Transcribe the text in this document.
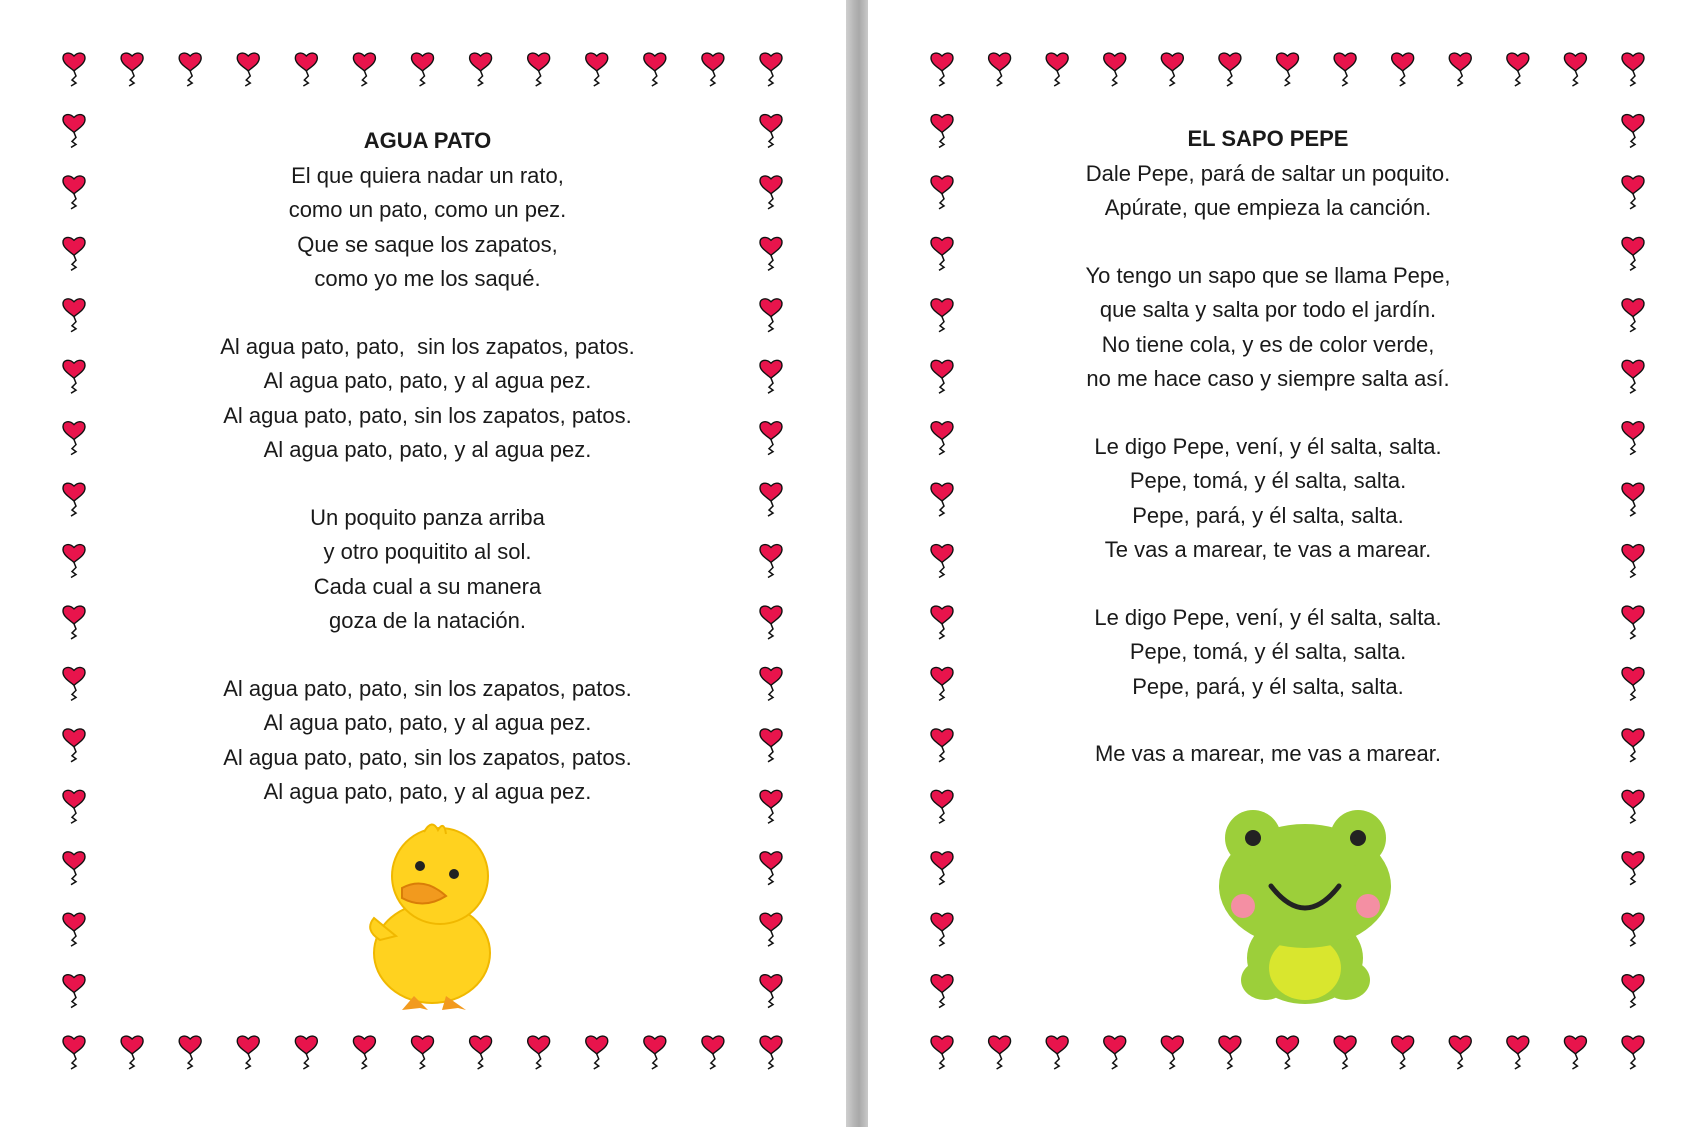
AGUA PATO
El que quiera nadar un rato,
como un pato, como un pez.
Que se saque los zapatos,
como yo me los saqué.
Al agua pato, pato,  sin los zapatos, patos.
Al agua pato, pato, y al agua pez.
Al agua pato, pato, sin los zapatos, patos.
Al agua pato, pato, y al agua pez.
Un poquito panza arriba
y otro poquitito al sol.
Cada cual a su manera
goza de la natación.
Al agua pato, pato, sin los zapatos, patos.
Al agua pato, pato, y al agua pez.
Al agua pato, pato, sin los zapatos, patos.
Al agua pato, pato, y al agua pez.
EL SAPO PEPE
Dale Pepe, pará de saltar un poquito.
Apúrate, que empieza la canción.
Yo tengo un sapo que se llama Pepe,
que salta y salta por todo el jardín.
No tiene cola, y es de color verde,
no me hace caso y siempre salta así.
Le digo Pepe, vení, y él salta, salta.
Pepe, tomá, y él salta, salta.
Pepe, pará, y él salta, salta.
Te vas a marear, te vas a marear.
Le digo Pepe, vení, y él salta, salta.
Pepe, tomá, y él salta, salta.
Pepe, pará, y él salta, salta.
Me vas a marear, me vas a marear.
